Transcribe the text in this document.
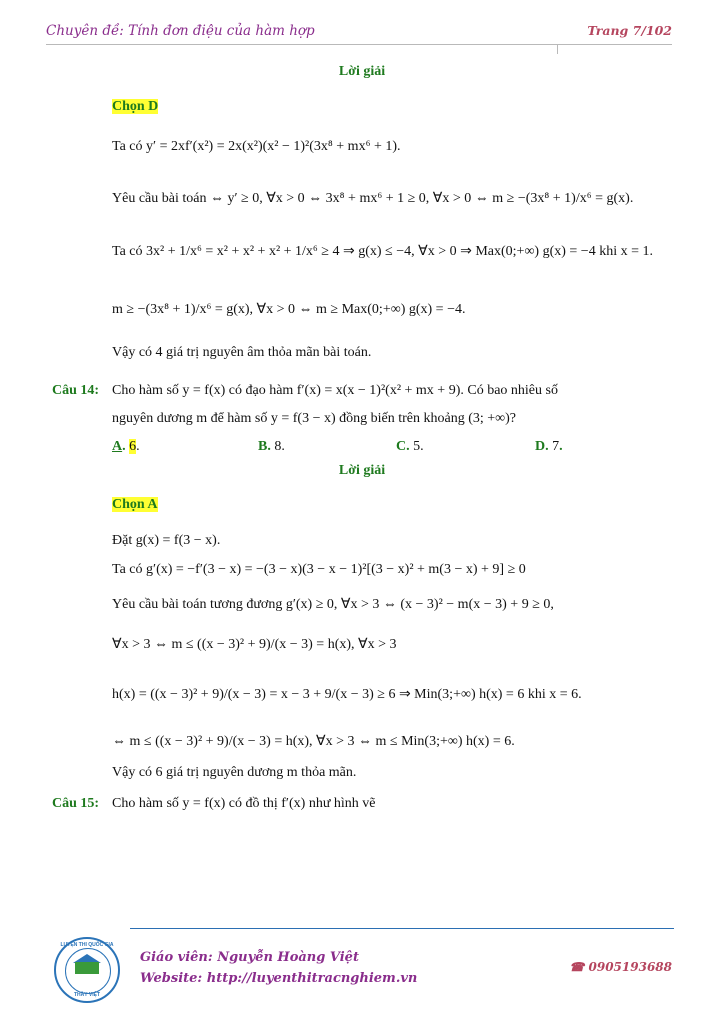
Chuyên đề: Tính đơn điệu của hàm hợp	Trang 7/102
Lời giải
Chọn D
Ta có y′ = 2xf′(x²) = 2x(x²)(x² − 1)²(3x⁸ + mx⁶ + 1).
Yêu cầu bài toán ⇔ y′ ≥ 0, ∀x > 0 ⇔ 3x⁸ + mx⁶ + 1 ≥ 0, ∀x > 0 ⇔ m ≥ −(3x⁸ + 1)/x⁶ = g(x).
Ta có 3x² + 1/x⁶ = x² + x² + x² + 1/x⁶ ≥ 4 ⇒ g(x) ≤ −4, ∀x > 0 ⇒ Max(0;+∞) g(x) = −4 khi x = 1.
m ≥ −(3x⁸ + 1)/x⁶ = g(x), ∀x > 0 ⇔ m ≥ Max(0;+∞) g(x) = −4.
Vậy có 4 giá trị nguyên âm thỏa mãn bài toán.
Câu 14: Cho hàm số y = f(x) có đạo hàm f′(x) = x(x − 1)²(x² + mx + 9). Có bao nhiêu số
nguyên dương m để hàm số y = f(3 − x) đồng biến trên khoảng (3; +∞)?
A. 6.	B. 8.	C. 5.	D. 7.
Lời giải
Chọn A
Đặt g(x) = f(3 − x).
Ta có g′(x) = −f′(3 − x) = −(3 − x)(3 − x − 1)²[(3 − x)² + m(3 − x) + 9] ≥ 0
Yêu cầu bài toán tương đương g′(x) ≥ 0, ∀x > 3 ⇔ (x − 3)² − m(x − 3) + 9 ≥ 0,
∀x > 3 ⇔ m ≤ ((x − 3)² + 9)/(x − 3) = h(x), ∀x > 3
h(x) = ((x − 3)² + 9)/(x − 3) = x − 3 + 9/(x − 3) ≥ 6 ⇒ Min(3;+∞) h(x) = 6 khi x = 6.
⇔ m ≤ ((x − 3)² + 9)/(x − 3) = h(x), ∀x > 3 ⇔ m ≤ Min(3;+∞) h(x) = 6.
Vậy có 6 giá trị nguyên dương m thỏa mãn.
Câu 15: Cho hàm số y = f(x) có đồ thị f′(x) như hình vẽ
LUYỆN THI QUỐC GIA
THẦY VIỆT
Giáo viên: Nguyễn Hoàng Việt
Website: http://luyenthitracnghiem.vn
☎ 0905193688
